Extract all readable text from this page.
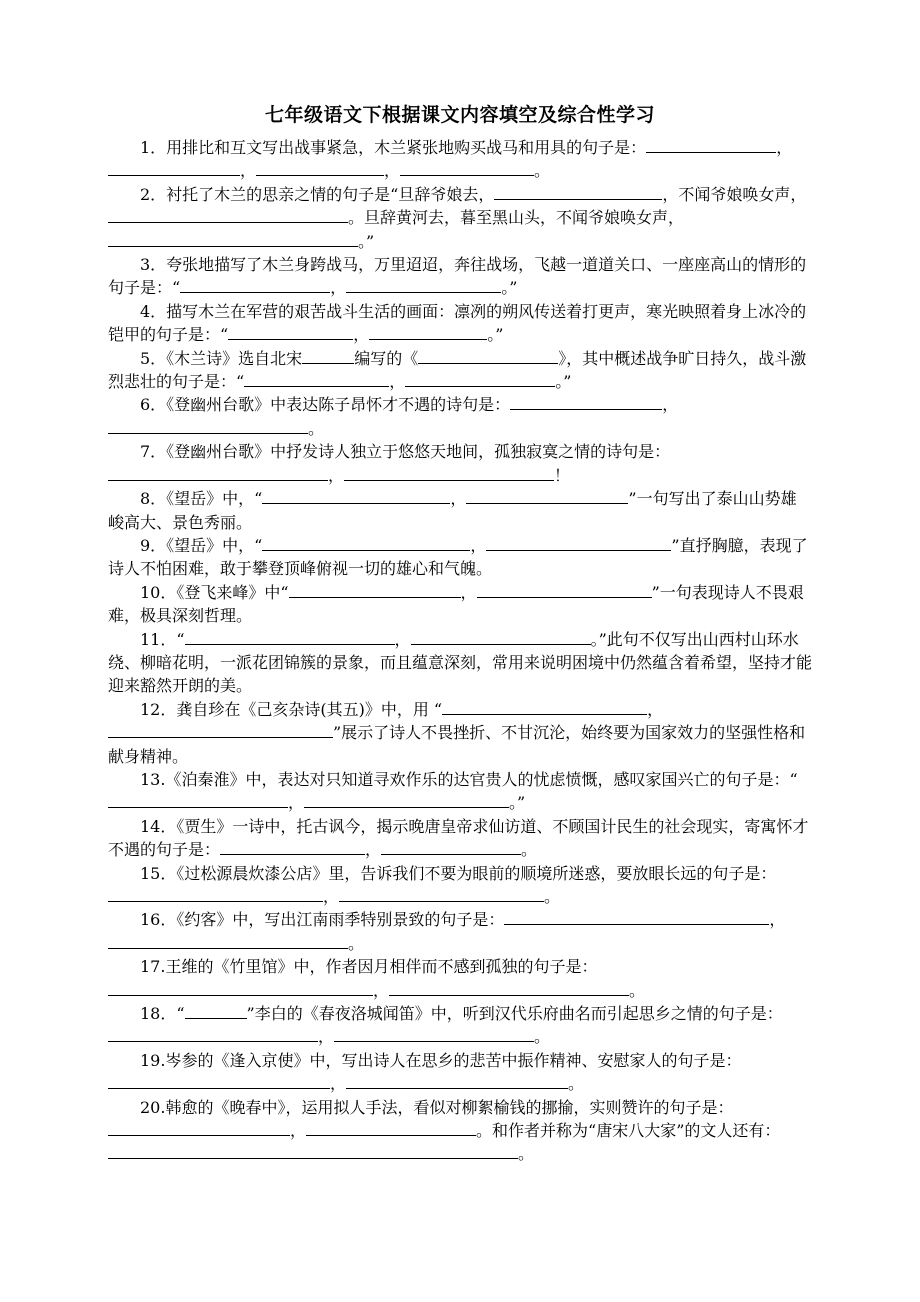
七年级语文下根据课文内容填空及综合性学习

1．用排比和互文写出战事紧急，木兰紧张地购买战马和用具的句子是：	，，	，	。

2．衬托了木兰的思亲之情的句子是“旦辞爷娘去，	，不闻爷娘唤女声，。旦辞黄河去，暮至黑山头，不闻爷娘唤女声，。”

3．夸张地描写了木兰身跨战马，万里迢迢，奔往战场，飞越一道道关口、一座座高山的情形的句子是：“	，	。”

4．描写木兰在军营的艰苦战斗生活的画面：凛冽的朔风传送着打更声，寒光映照着身上冰冷的铠甲的句子是：“	，	。”

5．《木兰诗》选自北宋	编写的《	》，其中概述战争旷日持久，战斗激烈悲壮的句子是：“	，	。”

6．《登幽州台歌》中表达陈子昂怀才不遇的诗句是：	，。

7．《登幽州台歌》中抒发诗人独立于悠悠天地间，孤独寂寞之情的诗句是：，	！

8．《望岳》中，“	，	”一句写出了泰山山势雄峻高大、景色秀丽。

9．《望岳》中，“	，	”直抒胸臆，表现了诗人不怕困难，敢于攀登顶峰俯视一切的雄心和气魄。

10．《登飞来峰》中“	，	”一句表现诗人不畏艰难，极具深刻哲理。

11．“	，	。”此句不仅写出山西村山环水绕、柳暗花明，一派花团锦簇的景象，而且蕴意深刻，常用来说明困境中仍然蕴含着希望，坚持才能迎来豁然开朗的美。

12．龚自珍在《己亥杂诗(其五)》中，用 “	，”展示了诗人不畏挫折、不甘沉沦，始终要为国家效力的坚强性格和献身精神。

13.《泊秦淮》中，表达对只知道寻欢作乐的达官贵人的忧虑愤慨，感叹家国兴亡的句子是：“，	。”

14．《贾生》一诗中，托古讽今，揭示晚唐皇帝求仙访道、不顾国计民生的社会现实，寄寓怀才不遇的句子是：	，	。

15．《过松源晨炊漆公店》里，告诉我们不要为眼前的顺境所迷惑，要放眼长远的句子是：，	。

16．《约客》中，写出江南雨季特别景致的句子是：	，。

17.王维的《竹里馆》中，作者因月相伴而不感到孤独的句子是：，	。

18．“	”李白的《春夜洛城闻笛》中，听到汉代乐府曲名而引起思乡之情的句子是：，	。

19.岑参的《逢入京使》中，写出诗人在思乡的悲苦中振作精神、安慰家人的句子是：，	。

20.韩愈的《晚春中》，运用拟人手法，看似对柳絮榆钱的挪揄，实则赞许的句子是：，	。和作者并称为“唐宋八大家”的文人还有：。
